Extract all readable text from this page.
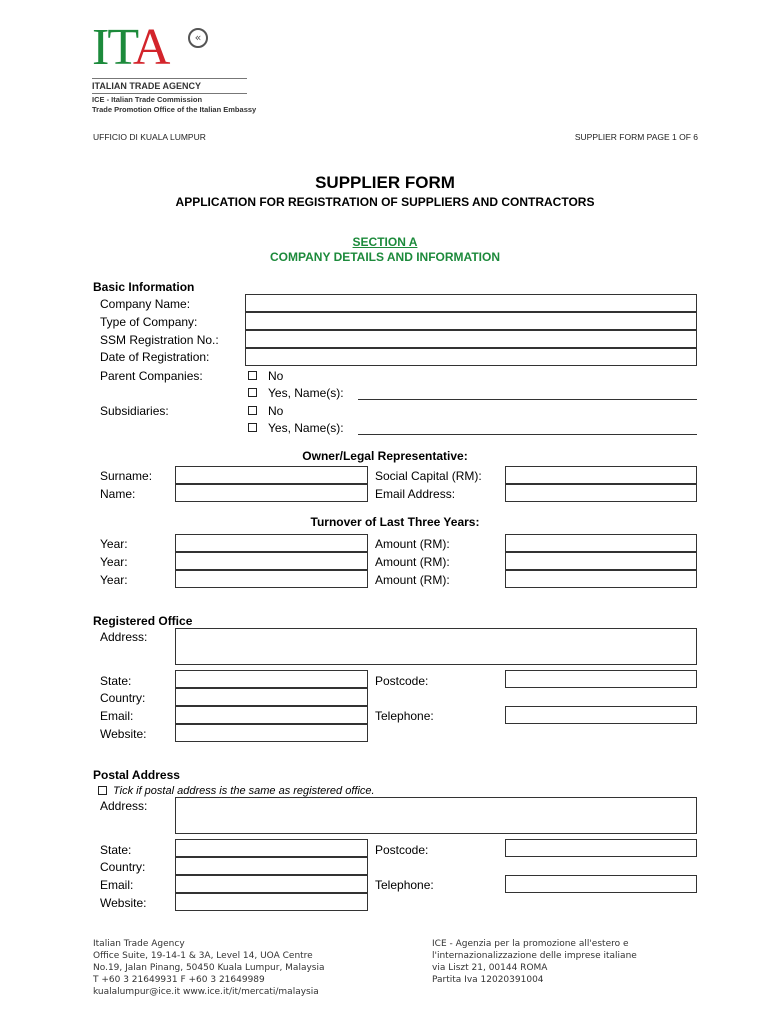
ITA	«
ITALIAN TRADE AGENCY
ICE - Italian Trade Commission
Trade Promotion Office of the Italian Embassy
UFFICIO DI KUALA LUMPUR	SUPPLIER FORM PAGE 1 OF 6
SUPPLIER FORM
APPLICATION FOR REGISTRATION OF SUPPLIERS AND CONTRACTORS
SECTION A
COMPANY DETAILS AND INFORMATION
Basic Information
Company Name:
Type of Company:
SSM Registration No.:
Date of Registration:
Parent Companies:
Subsidiaries:
No
Yes, Name(s):
No
Yes, Name(s):
Owner/Legal Representative:
Surname:
Name:
Social Capital (RM):
Email Address:
Turnover of Last Three Years:
Year:
Year:
Year:
Amount (RM):
Amount (RM):
Amount (RM):
Registered Office
Address:
State:
Country:
Email:
Website:
Postcode:
Telephone:
Postal Address
Tick if postal address is the same as registered office.
Address:
State:
Country:
Email:
Website:
Postcode:
Telephone:
Italian Trade Agency
Office Suite, 19-14-1 & 3A, Level 14, UOA Centre
No.19, Jalan Pinang, 50450 Kuala Lumpur, Malaysia
T +60 3 21649931 F +60 3 21649989
kualalumpur@ice.it www.ice.it/it/mercati/malaysia
ICE - Agenzia per la promozione all'estero e
l'internazionalizzazione delle imprese italiane
via Liszt 21, 00144 ROMA
Partita Iva 12020391004
